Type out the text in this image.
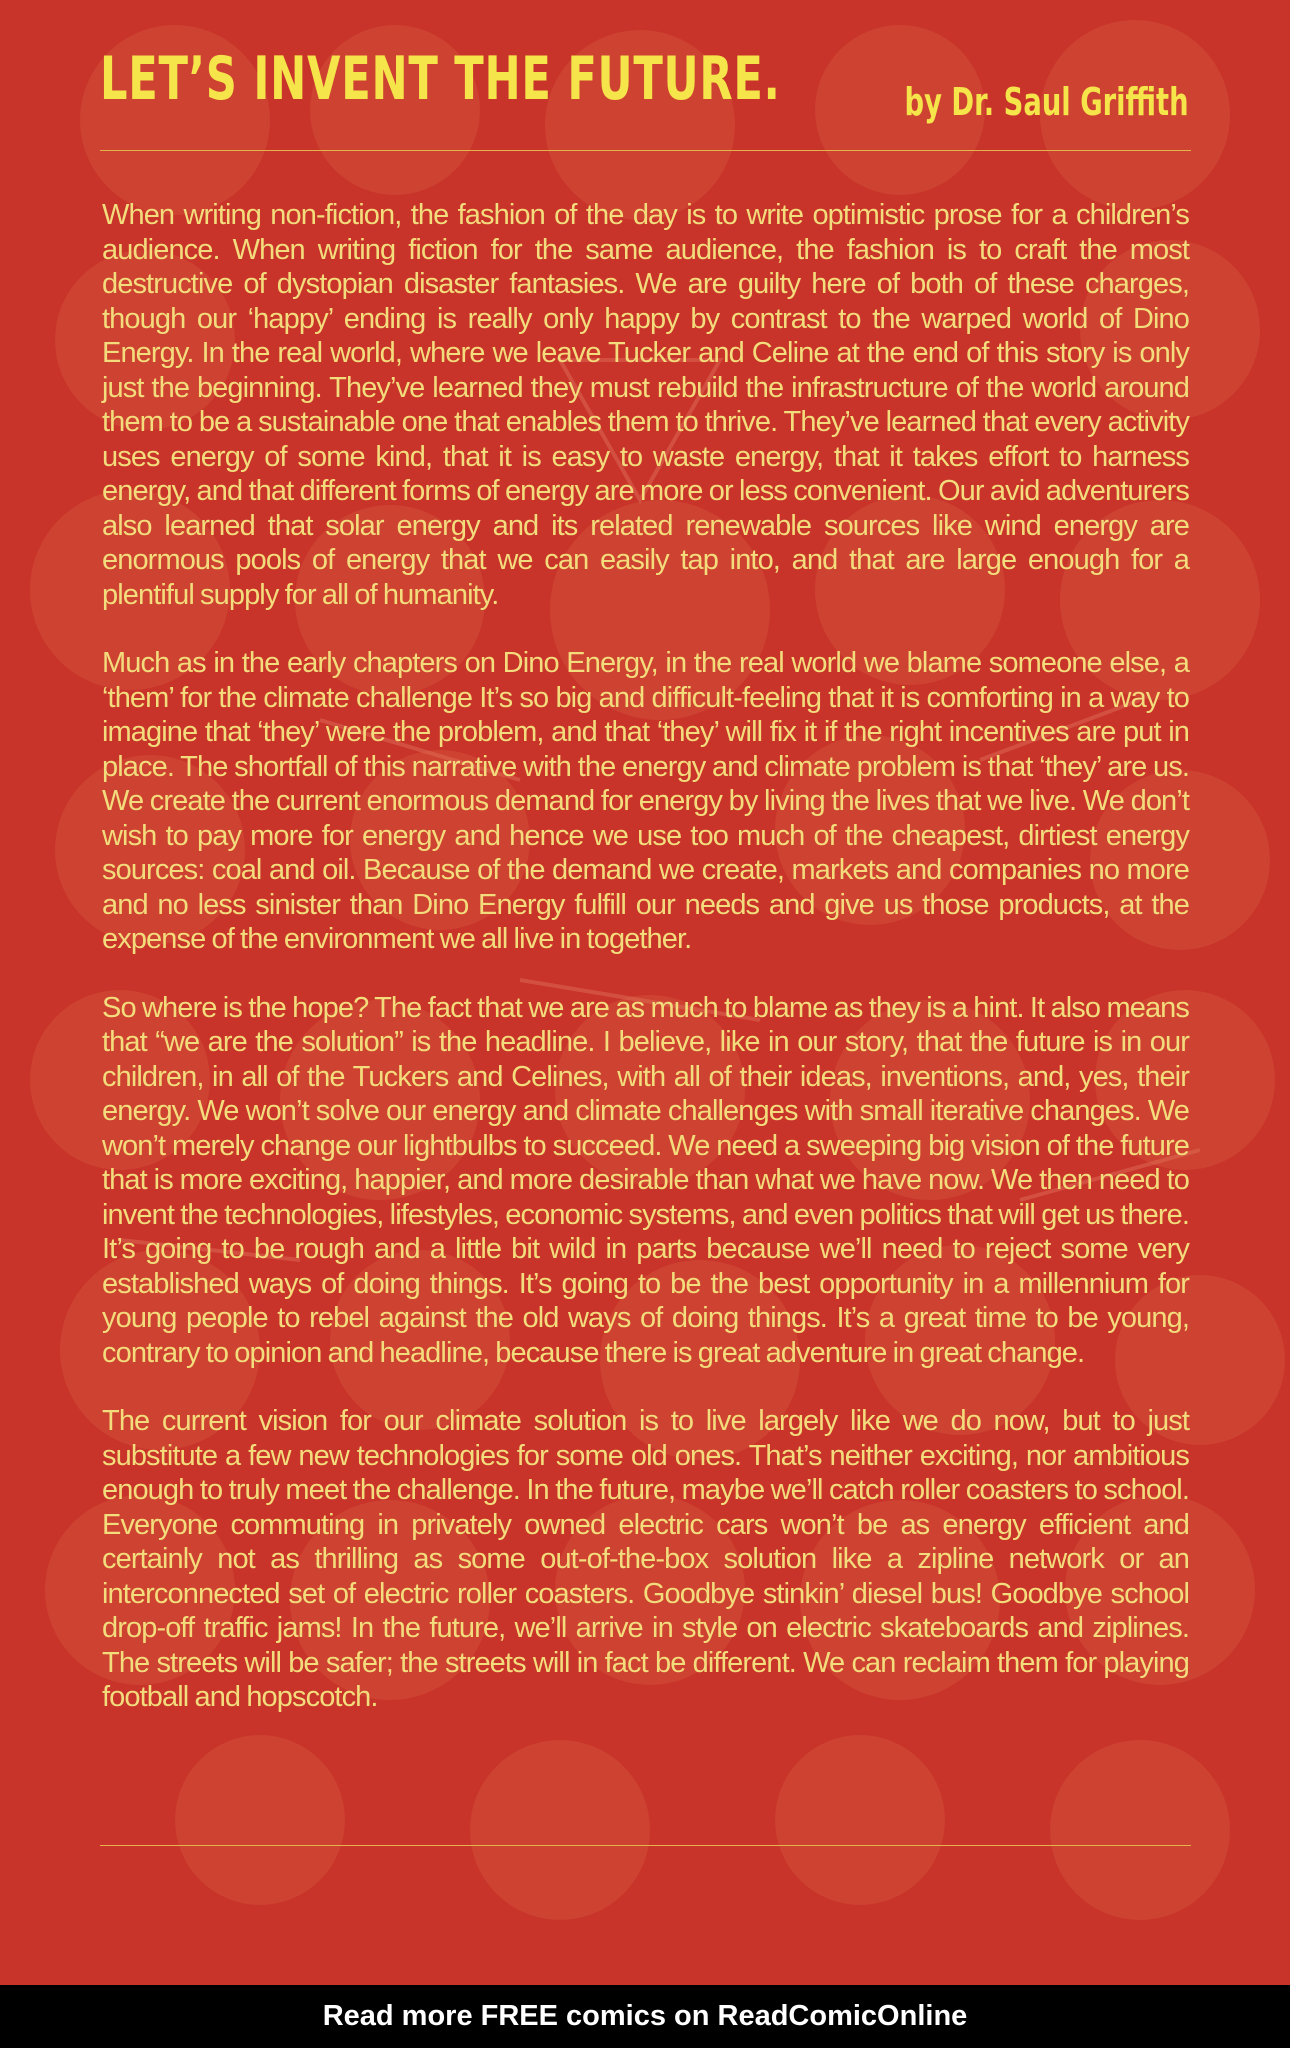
LET’S INVENT THE FUTURE.	by Dr. Saul Griffith

When writing non-fiction, the fashion of the day is to write optimistic prose for a children’s audience. When writing fiction for the same audience, the fashion is to craft the most destructive of dystopian disaster fantasies. We are guilty here of both of these charges, though our ‘happy’ ending is really only happy by contrast to the warped world of Dino Energy. In the real world, where we leave Tucker and Celine at the end of this story is only just the beginning. They’ve learned they must rebuild the infrastructure of the world around them to be a sustainable one that enables them to thrive. They’ve learned that every activity uses energy of some kind, that it is easy to waste energy, that it takes effort to harness energy, and that different forms of energy are more or less convenient. Our avid adventurers also learned that solar energy and its related renewable sources like wind energy are enormous pools of energy that we can easily tap into, and that are large enough for a plentiful supply for all of humanity.

Much as in the early chapters on Dino Energy, in the real world we blame someone else, a ‘them’ for the climate challenge It’s so big and difficult-feeling that it is comforting in a way to imagine that ‘they’ were the problem, and that ‘they’ will fix it if the right incentives are put in place. The shortfall of this narrative with the energy and climate problem is that ‘they’ are us. We create the current enormous demand for energy by living the lives that we live. We don’t wish to pay more for energy and hence we use too much of the cheapest, dirtiest energy sources: coal and oil. Because of the demand we create, markets and companies no more and no less sinister than Dino Energy fulfill our needs and give us those products, at the expense of the environment we all live in together.

So where is the hope? The fact that we are as much to blame as they is a hint. It also means that “we are the solution” is the headline. I believe, like in our story, that the future is in our children, in all of the Tuckers and Celines, with all of their ideas, inventions, and, yes, their energy. We won’t solve our energy and climate challenges with small iterative changes. We won’t merely change our lightbulbs to succeed. We need a sweeping big vision of the future that is more exciting, happier, and more desirable than what we have now. We then need to invent the technologies, lifestyles, economic systems, and even politics that will get us there. It’s going to be rough and a little bit wild in parts because we’ll need to reject some very established ways of doing things. It’s going to be the best opportunity in a millennium for young people to rebel against the old ways of doing things. It’s a great time to be young, contrary to opinion and headline, because there is great adventure in great change.

The current vision for our climate solution is to live largely like we do now, but to just substitute a few new technologies for some old ones. That’s neither exciting, nor ambitious enough to truly meet the challenge. In the future, maybe we’ll catch roller coasters to school. Everyone commuting in privately owned electric cars won’t be as energy efficient and certainly not as thrilling as some out-of-the-box solution like a zipline network or an interconnected set of electric roller coasters. Goodbye stinkin’ diesel bus! Goodbye school drop-off traffic jams! In the future, we’ll arrive in style on electric skateboards and ziplines. The streets will be safer; the streets will in fact be different. We can reclaim them for playing football and hopscotch.

Read more FREE comics on ReadComicOnline
